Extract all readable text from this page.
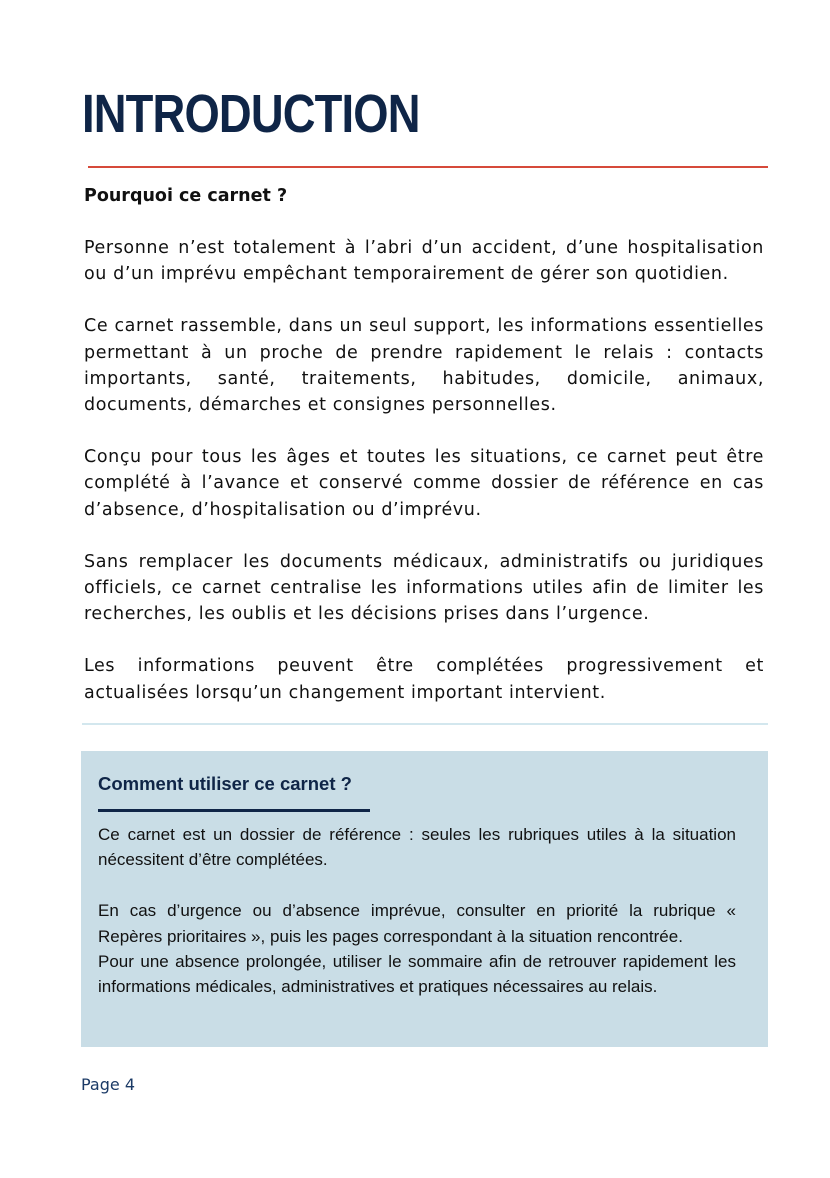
INTRODUCTION

Pourquoi ce carnet ?

Personne n’est totalement à l’abri d’un accident, d’une hospitalisation ou d’un imprévu empêchant temporairement de gérer son quotidien.

Ce carnet rassemble, dans un seul support, les informations essentielles permettant à un proche de prendre rapidement le relais : contacts importants, santé, traitements, habitudes, domicile, animaux, documents, démarches et consignes personnelles.

Conçu pour tous les âges et toutes les situations, ce carnet peut être complété à l’avance et conservé comme dossier de référence en cas d’absence, d’hospitalisation ou d’imprévu.

Sans remplacer les documents médicaux, administratifs ou juridiques officiels, ce carnet centralise les informations utiles afin de limiter les recherches, les oublis et les décisions prises dans l’urgence.

Les informations peuvent être complétées progressivement et actualisées lorsqu’un changement important intervient.

Comment utiliser ce carnet ?

Ce carnet est un dossier de référence : seules les rubriques utiles à la situation nécessitent d’être complétées.

En cas d’urgence ou d’absence imprévue, consulter en priorité la rubrique « Repères prioritaires », puis les pages correspondant à la situation rencontrée.

Pour une absence prolongée, utiliser le sommaire afin de retrouver rapidement les informations médicales, administratives et pratiques nécessaires au relais.

Page 4
